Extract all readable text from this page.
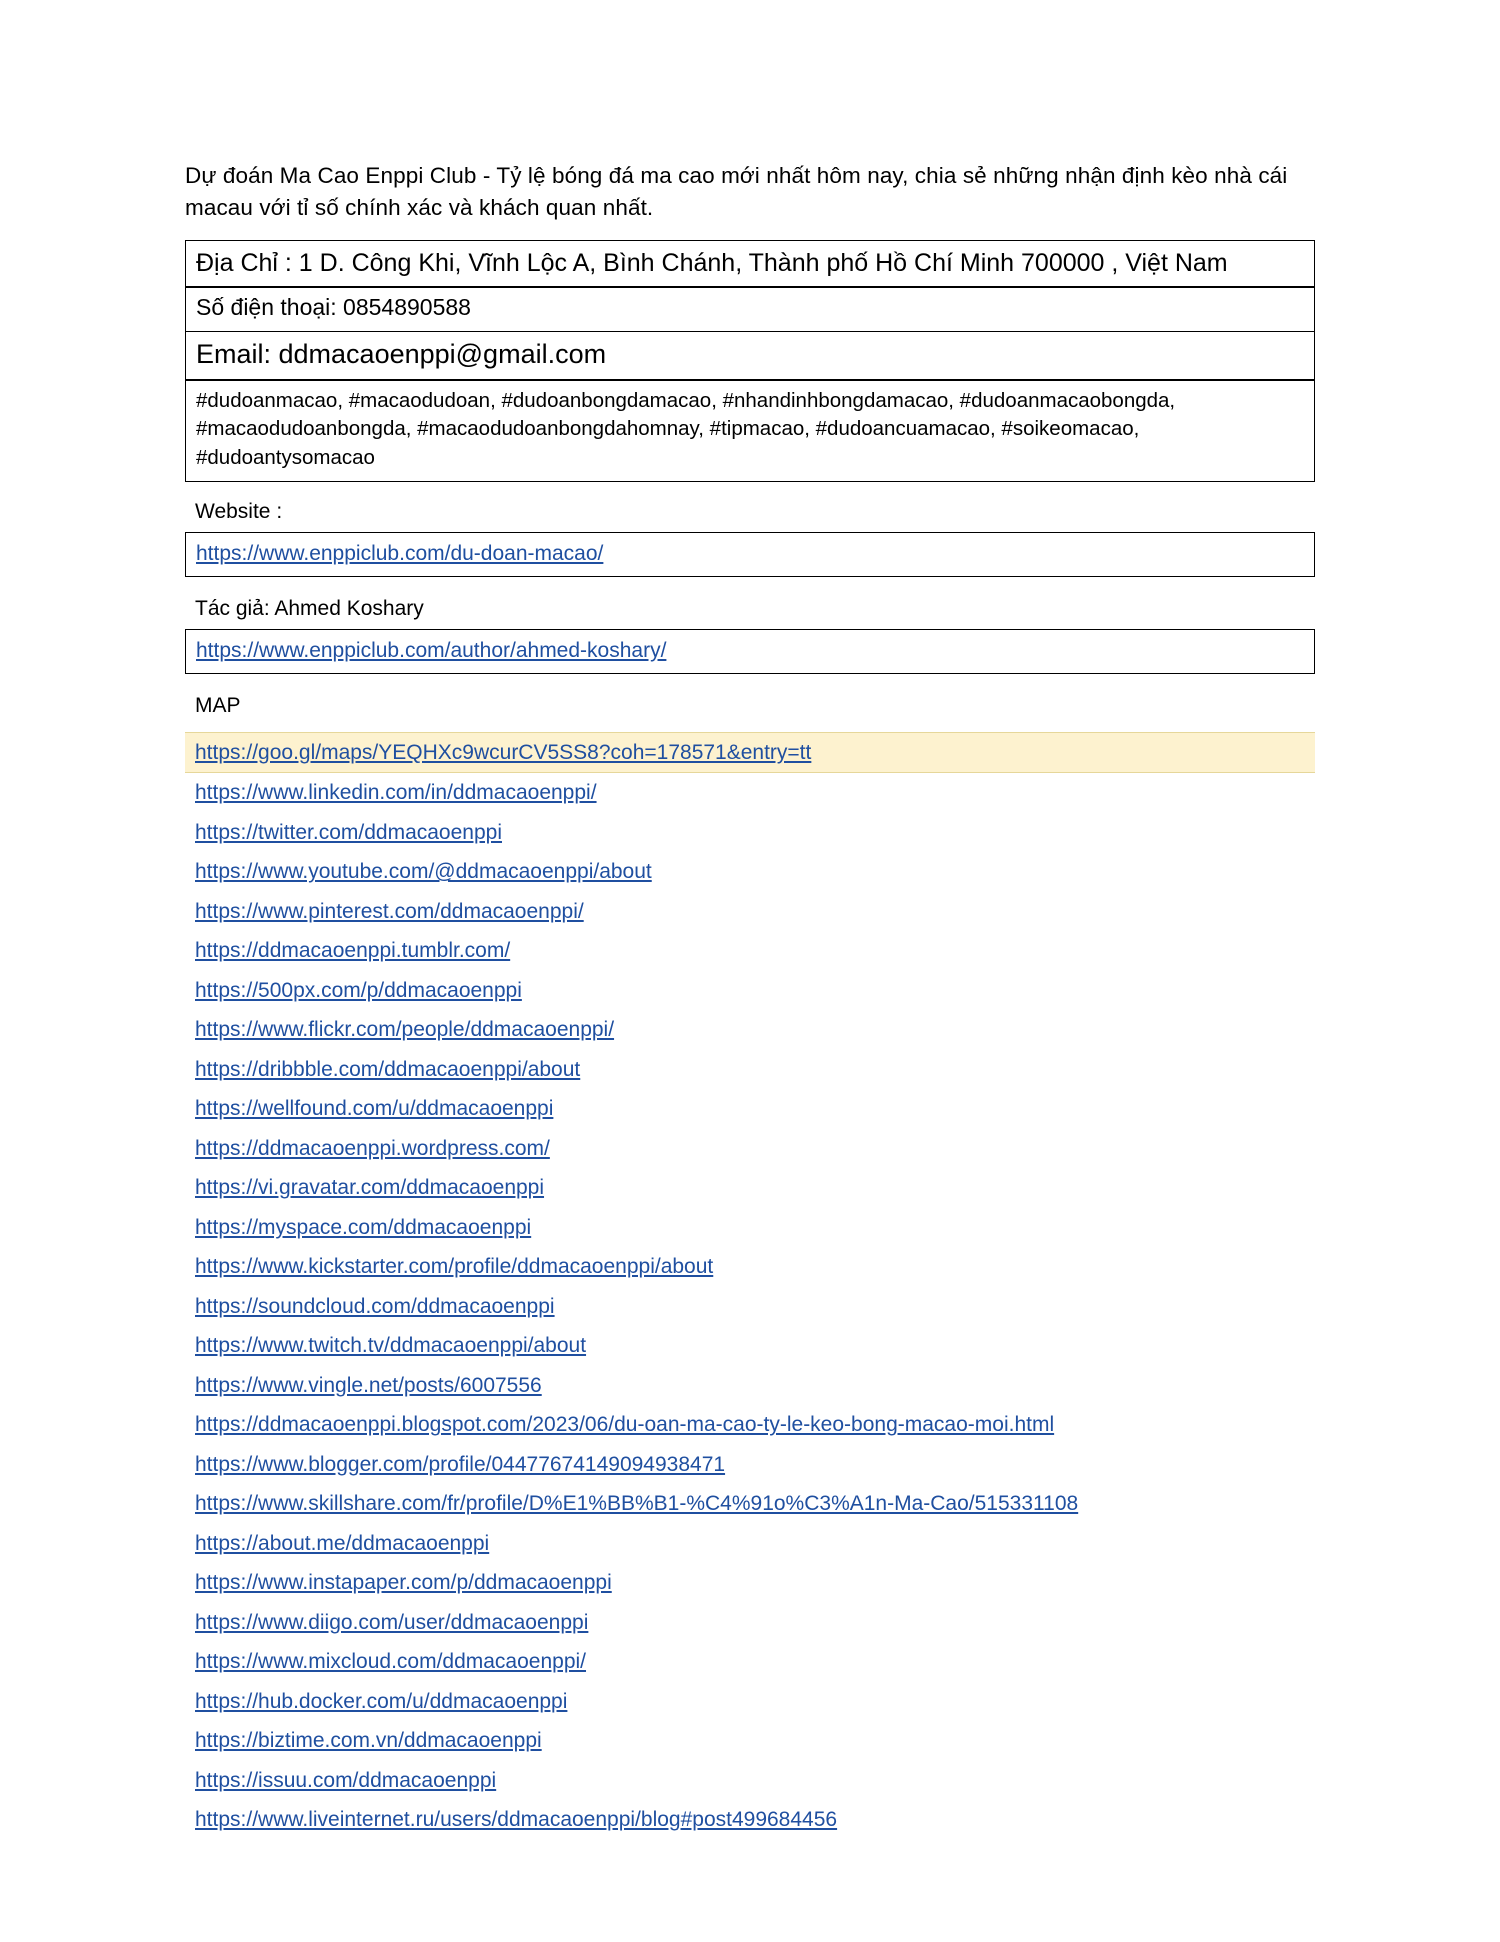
Dự đoán Ma Cao Enppi Club - Tỷ lệ bóng đá ma cao mới nhất hôm nay, chia sẻ những nhận định kèo nhà cái macau với tỉ số chính xác và khách quan nhất.

Địa Chỉ : 1 D. Công Khi, Vĩnh Lộc A, Bình Chánh, Thành phố Hồ Chí Minh 700000 , Việt Nam
Số điện thoại: 0854890588
Email: ddmacaoenppi@gmail.com
#dudoanmacao, #macaodudoan, #dudoanbongdamacao, #nhandinhbongdamacao, #dudoanmacaobongda, #macaodudoanbongda, #macaodudoanbongdahomnay, #tipmacao, #dudoancuamacao, #soikeomacao, #dudoantysomacao
Website :
https://www.enppiclub.com/du-doan-macao/
Tác giả: Ahmed Koshary
https://www.enppiclub.com/author/ahmed-koshary/
MAP
https://goo.gl/maps/YEQHXc9wcurCV5SS8?coh=178571&entry=tt
https://www.linkedin.com/in/ddmacaoenppi/
https://twitter.com/ddmacaoenppi
https://www.youtube.com/@ddmacaoenppi/about
https://www.pinterest.com/ddmacaoenppi/
https://ddmacaoenppi.tumblr.com/
https://500px.com/p/ddmacaoenppi
https://www.flickr.com/people/ddmacaoenppi/
https://dribbble.com/ddmacaoenppi/about
https://wellfound.com/u/ddmacaoenppi
https://ddmacaoenppi.wordpress.com/
https://vi.gravatar.com/ddmacaoenppi
https://myspace.com/ddmacaoenppi
https://www.kickstarter.com/profile/ddmacaoenppi/about
https://soundcloud.com/ddmacaoenppi
https://www.twitch.tv/ddmacaoenppi/about
https://www.vingle.net/posts/6007556
https://ddmacaoenppi.blogspot.com/2023/06/du-oan-ma-cao-ty-le-keo-bong-macao-moi.html
https://www.blogger.com/profile/04477674149094938471
https://www.skillshare.com/fr/profile/D%E1%BB%B1-%C4%91o%C3%A1n-Ma-Cao/515331108
https://about.me/ddmacaoenppi
https://www.instapaper.com/p/ddmacaoenppi
https://www.diigo.com/user/ddmacaoenppi
https://www.mixcloud.com/ddmacaoenppi/
https://hub.docker.com/u/ddmacaoenppi
https://biztime.com.vn/ddmacaoenppi
https://issuu.com/ddmacaoenppi
https://www.liveinternet.ru/users/ddmacaoenppi/blog#post499684456
